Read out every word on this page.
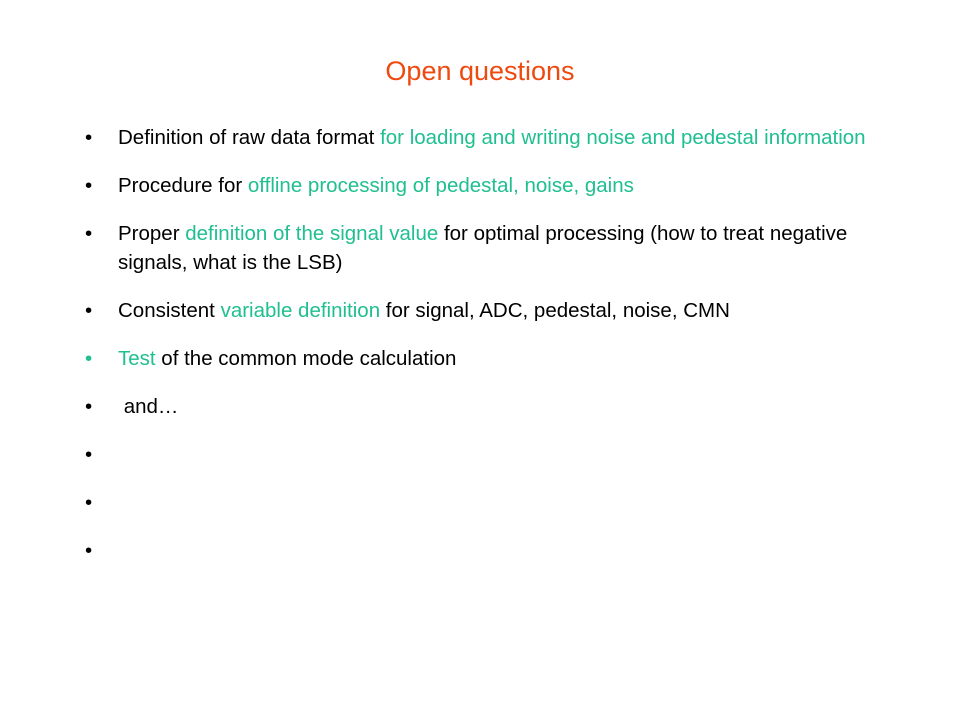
Open questions
•	Definition of raw data format for loading and writing noise and pedestal information
•	Procedure for offline processing of pedestal, noise, gains
•	Proper definition of the signal value for optimal processing (how to treat negative signals, what is the LSB)
•	Consistent variable definition for signal, ADC, pedestal, noise, CMN
•	Test of the common mode calculation
•	and…
•
•
•
